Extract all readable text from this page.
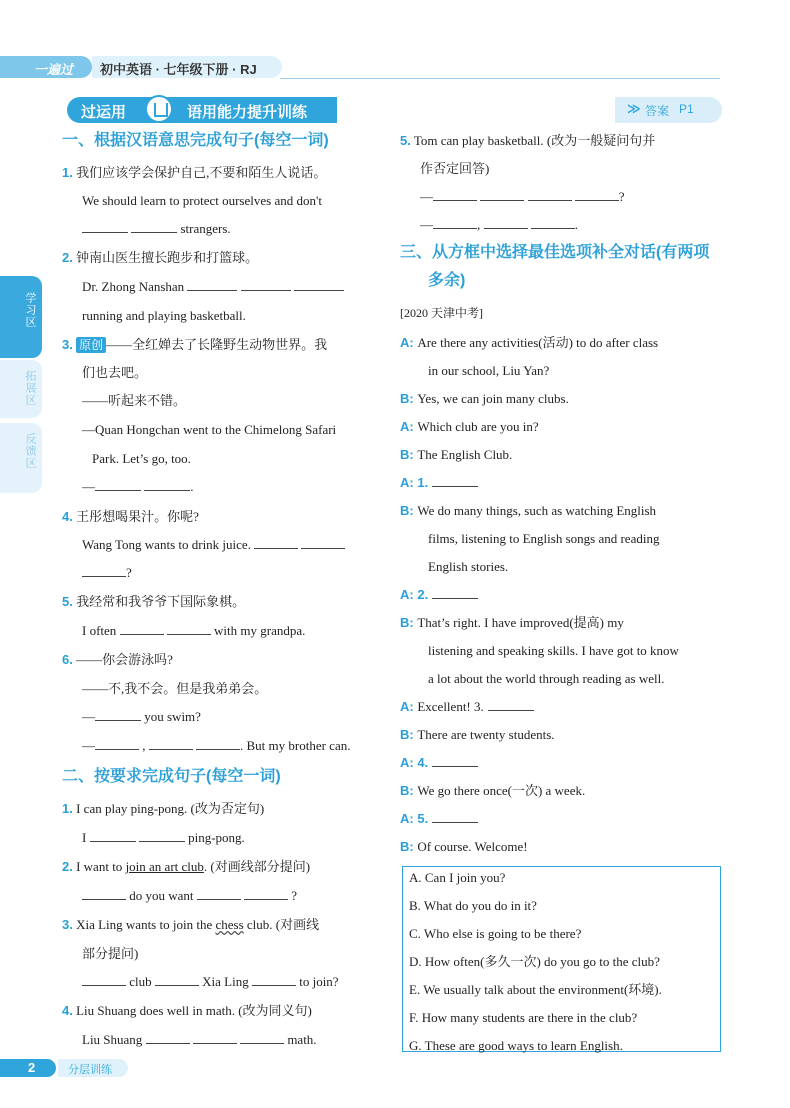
一遍过 初中英语 · 七年级下册 · RJ
过运用	语用能力提升训练	≫ 答案 P1
学习区
拓展区
反馈区
一、根据汉语意思完成句子(每空一词)
1. 我们应该学会保护自己,不要和陌生人说话。
We should learn to protect ourselves and don't
strangers.
2. 钟南山医生擅长跑步和打篮球。
Dr. Zhong Nanshan
running and playing basketball.
3. 原创 ——全红婵去了长隆野生动物世界。我
们也去吧。
——听起来不错。
—Quan Hongchan went to the Chimelong Safari
Park. Let’s go, too.
—	.
4. 王彤想喝果汁。你呢?
Wang Tong wants to drink juice.
?
5. 我经常和我爷爷下国际象棋。
I often	with my grandpa.
6. ——你会游泳吗?
——不,我不会。但是我弟弟会。
—	you swim?
—	,	. But my brother can.
二、按要求完成句子(每空一词)
1. I can play ping-pong. (改为否定句)
I	ping-pong.
2. I want to join an art club. (对画线部分提问)
do you want	?
3. Xia Ling wants to join the chess club. (对画线
部分提问)
club	Xia Ling	to join?
4. Liu Shuang does well in math. (改为同义句)
Liu Shuang	math.
5. Tom can play basketball. (改为一般疑问句并
作否定回答)
—	?
—	,	.
三、从方框中选择最佳选项补全对话(有两项
多余)
[2020 天津中考]
A: Are there any activities(活动) to do after class
in our school, Liu Yan?
B: Yes, we can join many clubs.
A: Which club are you in?
B: The English Club.
A: 1.
B: We do many things, such as watching English
films, listening to English songs and reading
English stories.
A: 2.
B: That’s right. I have improved(提高) my
listening and speaking skills. I have got to know
a lot about the world through reading as well.
A: Excellent! 3.
B: There are twenty students.
A: 4.
B: We go there once(一次) a week.
A: 5.
B: Of course. Welcome!
A. Can I join you?
B. What do you do in it?
C. Who else is going to be there?
D. How often(多久一次) do you go to the club?
E. We usually talk about the environment(环境).
F. How many students are there in the club?
G. These are good ways to learn English.
2	分层训练
